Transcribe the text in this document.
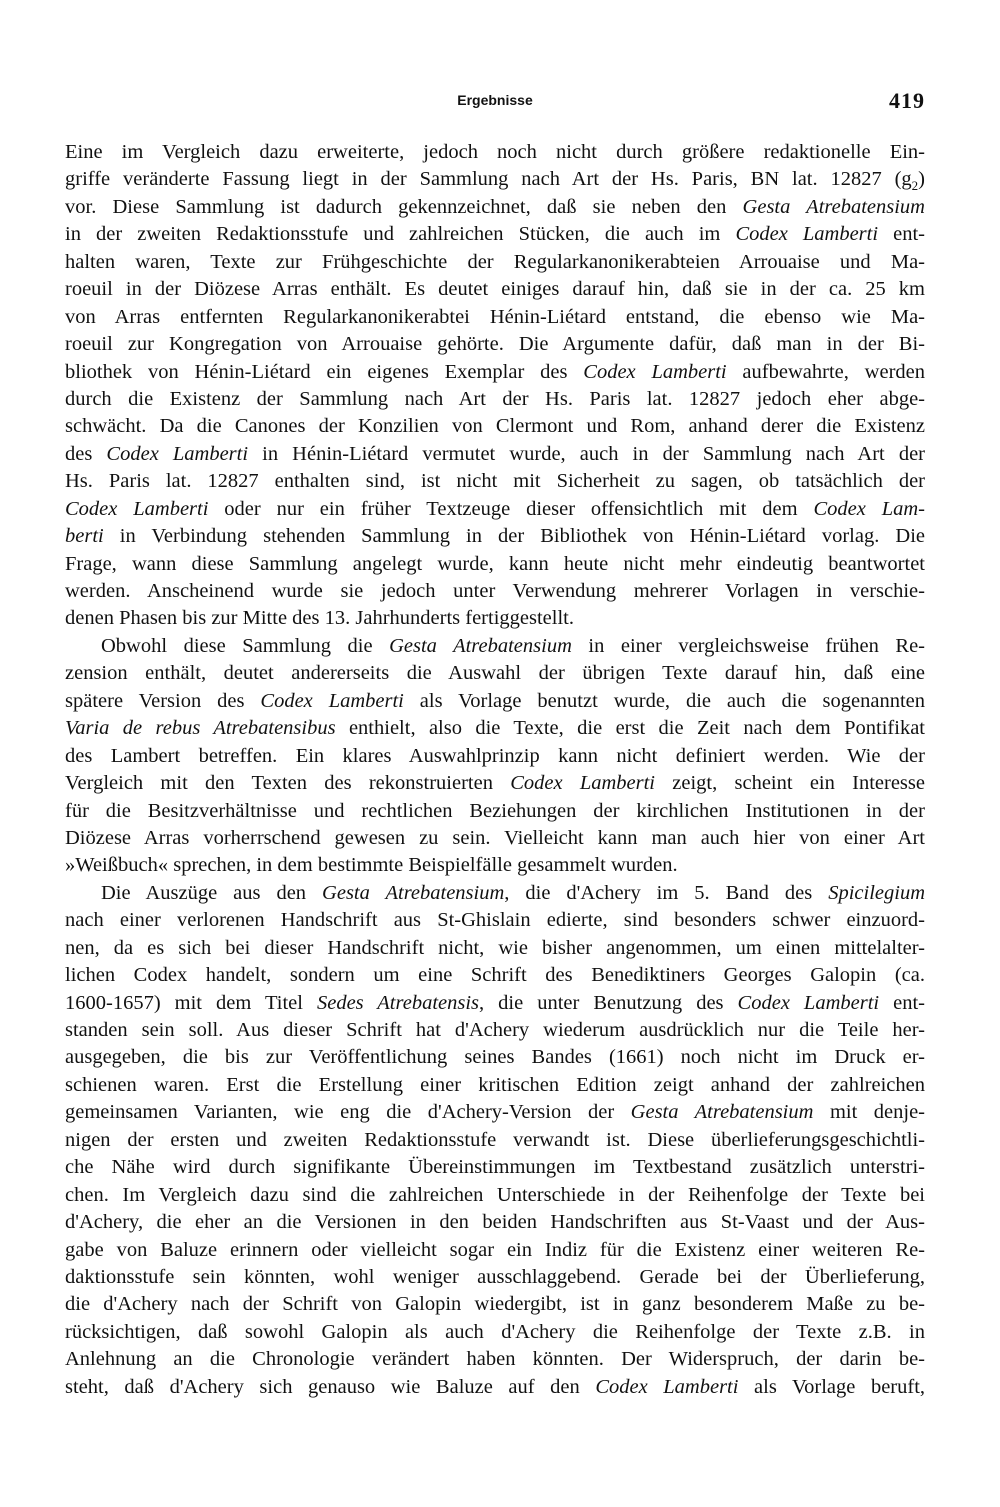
Ergebnisse	419
Eine im Vergleich dazu erweiterte, jedoch noch nicht durch größere redaktionelle Ein-
griffe veränderte Fassung liegt in der Sammlung nach Art der Hs. Paris, BN lat. 12827 $(g_2)$
vor. Diese Sammlung ist dadurch gekennzeichnet, daß sie neben den Gesta Atrebatensium
in der zweiten Redaktionsstufe und zahlreichen Stücken, die auch im Codex Lamberti ent-
halten waren, Texte zur Frühgeschichte der Regularkanonikerabteien Arrouaise und Ma-
roeuil in der Diözese Arras enthält. Es deutet einiges darauf hin, daß sie in der ca. 25 km
von Arras entfernten Regularkanonikerabtei Hénin-Liétard entstand, die ebenso wie Ma-
roeuil zur Kongregation von Arrouaise gehörte. Die Argumente dafür, daß man in der Bi-
bliothek von Hénin-Liétard ein eigenes Exemplar des Codex Lamberti aufbewahrte, werden
durch die Existenz der Sammlung nach Art der Hs. Paris lat. 12827 jedoch eher abge-
schwächt. Da die Canones der Konzilien von Clermont und Rom, anhand derer die Existenz
des Codex Lamberti in Hénin-Liétard vermutet wurde, auch in der Sammlung nach Art der
Hs. Paris lat. 12827 enthalten sind, ist nicht mit Sicherheit zu sagen, ob tatsächlich der
Codex Lamberti oder nur ein früher Textzeuge dieser offensichtlich mit dem Codex Lam-
berti in Verbindung stehenden Sammlung in der Bibliothek von Hénin-Liétard vorlag. Die
Frage, wann diese Sammlung angelegt wurde, kann heute nicht mehr eindeutig beantwortet
werden. Anscheinend wurde sie jedoch unter Verwendung mehrerer Vorlagen in verschie-
denen Phasen bis zur Mitte des 13. Jahrhunderts fertiggestellt.
Obwohl diese Sammlung die Gesta Atrebatensium in einer vergleichsweise frühen Re-
zension enthält, deutet andererseits die Auswahl der übrigen Texte darauf hin, daß eine
spätere Version des Codex Lamberti als Vorlage benutzt wurde, die auch die sogenannten
Varia de rebus Atrebatensibus enthielt, also die Texte, die erst die Zeit nach dem Pontifikat
des Lambert betreffen. Ein klares Auswahlprinzip kann nicht definiert werden. Wie der
Vergleich mit den Texten des rekonstruierten Codex Lamberti zeigt, scheint ein Interesse
für die Besitzverhältnisse und rechtlichen Beziehungen der kirchlichen Institutionen in der
Diözese Arras vorherrschend gewesen zu sein. Vielleicht kann man auch hier von einer Art
»Weißbuch« sprechen, in dem bestimmte Beispielfälle gesammelt wurden.
Die Auszüge aus den Gesta Atrebatensium, die d'Achery im 5. Band des Spicilegium
nach einer verlorenen Handschrift aus St-Ghislain edierte, sind besonders schwer einzuord-
nen, da es sich bei dieser Handschrift nicht, wie bisher angenommen, um einen mittelalter-
lichen Codex handelt, sondern um eine Schrift des Benediktiners Georges Galopin (ca.
1600-1657) mit dem Titel Sedes Atrebatensis, die unter Benutzung des Codex Lamberti ent-
standen sein soll. Aus dieser Schrift hat d'Achery wiederum ausdrücklich nur die Teile her-
ausgegeben, die bis zur Veröffentlichung seines Bandes (1661) noch nicht im Druck er-
schienen waren. Erst die Erstellung einer kritischen Edition zeigt anhand der zahlreichen
gemeinsamen Varianten, wie eng die d'Achery-Version der Gesta Atrebatensium mit denje-
nigen der ersten und zweiten Redaktionsstufe verwandt ist. Diese überlieferungsgeschichtli-
che Nähe wird durch signifikante Übereinstimmungen im Textbestand zusätzlich unterstri-
chen. Im Vergleich dazu sind die zahlreichen Unterschiede in der Reihenfolge der Texte bei
d'Achery, die eher an die Versionen in den beiden Handschriften aus St-Vaast und der Aus-
gabe von Baluze erinnern oder vielleicht sogar ein Indiz für die Existenz einer weiteren Re-
daktionsstufe sein könnten, wohl weniger ausschlaggebend. Gerade bei der Überlieferung,
die d'Achery nach der Schrift von Galopin wiedergibt, ist in ganz besonderem Maße zu be-
rücksichtigen, daß sowohl Galopin als auch d'Achery die Reihenfolge der Texte z.B. in
Anlehnung an die Chronologie verändert haben könnten. Der Widerspruch, der darin be-
steht, daß d'Achery sich genauso wie Baluze auf den Codex Lamberti als Vorlage beruft,
